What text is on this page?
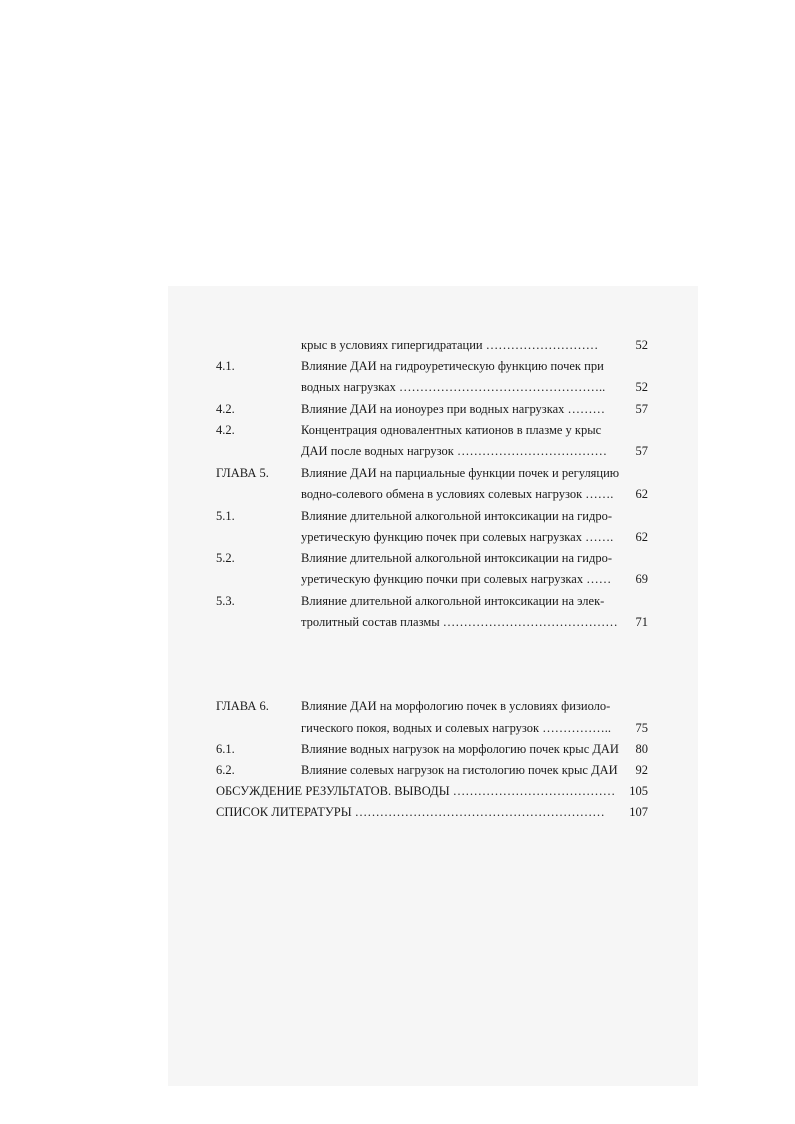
крыс в условиях гипергидратации ………………………	52
4.1.	Влияние ДАИ на гидроуретическую функцию почек при
водных нагрузках …………………………………………..	52
4.2.	Влияние ДАИ на ионоурез при водных нагрузках ………	57
4.2.	Концентрация одновалентных катионов в плазме у крыс
ДАИ после водных нагрузок ………………………………	57
ГЛАВА 5.	Влияние ДАИ на парциальные функции почек и регуляцию
водно-солевого обмена в условиях солевых нагрузок …….	62
5.1.	Влияние длительной алкогольной интоксикации на гидро-
уретическую функцию почек при солевых нагрузках …….	62
5.2.	Влияние длительной алкогольной интоксикации на гидро-
уретическую функцию почки при солевых нагрузках ……	69
5.3.	Влияние длительной алкогольной интоксикации на элек-
тролитный состав плазмы ……………………………………	71
ГЛАВА 6.	Влияние ДАИ на морфологию почек в условиях физиоло-
гического покоя, водных и солевых нагрузок ……………..	75
6.1.	Влияние водных нагрузок на морфологию почек крыс ДАИ	80
6.2.	Влияние солевых нагрузок на гистологию почек крыс ДАИ	92
ОБСУЖДЕНИЕ РЕЗУЛЬТАТОВ. ВЫВОДЫ …………………………………	105
СПИСОК ЛИТЕРАТУРЫ ……………………………………………………	107
